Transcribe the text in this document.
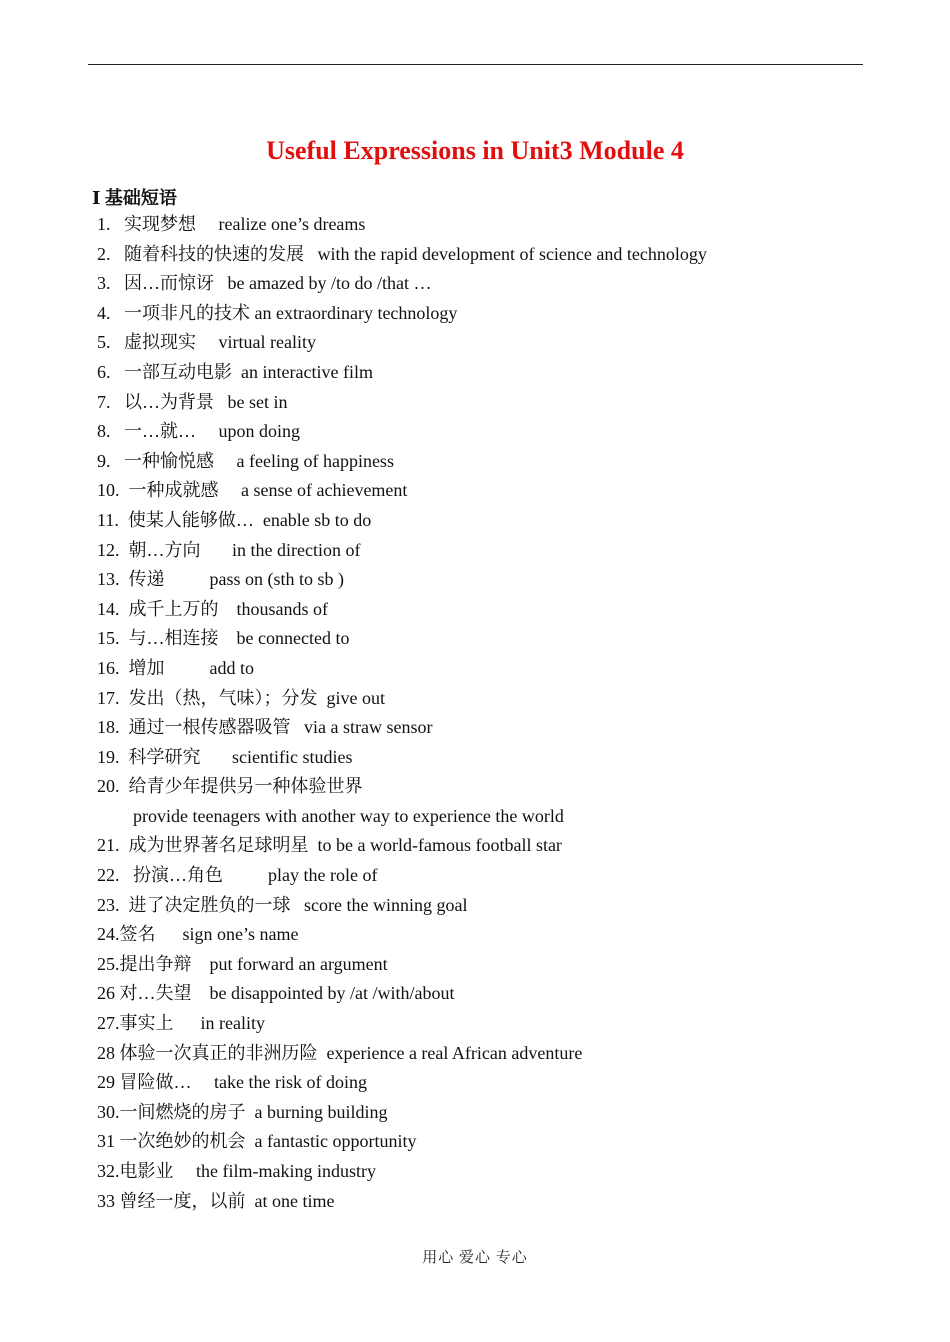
Useful Expressions in Unit3 Module 4
Ⅰ 基础短语
1.   实现梦想     realize one’s dreams
2.   随着科技的快速的发展   with the rapid development of science and technology
3.   因…而惊讶   be amazed by /to do /that …
4.   一项非凡的技术 an extraordinary technology
5.   虚拟现实     virtual reality
6.   一部互动电影  an interactive film
7.   以…为背景   be set in
8.   一…就…     upon doing
9.   一种愉悦感     a feeling of happiness
10.  一种成就感     a sense of achievement
11.  使某人能够做…  enable sb to do
12.  朝…方向       in the direction of
13.  传递          pass on (sth to sb )
14.  成千上万的    thousands of
15.  与…相连接    be connected to
16.  增加          add to
17.  发出（热，气味）；分发  give out
18.  通过一根传感器吸管   via a straw sensor
19.  科学研究       scientific studies
20.  给青少年提供另一种体验世界
provide teenagers with another way to experience the world
21.  成为世界著名足球明星  to be a world-famous football star
22.   扮演…角色          play the role of
23.  进了决定胜负的一球   score the winning goal
24.签名      sign one’s name
25.提出争辩    put forward an argument
26 对…失望    be disappointed by /at /with/about
27.事实上      in reality
28 体验一次真正的非洲历险  experience a real African adventure
29 冒险做…     take the risk of doing
30.一间燃烧的房子  a burning building
31 一次绝妙的机会  a fantastic opportunity
32.电影业     the film-making industry
33 曾经一度，以前  at one time
用心 爱心 专心
